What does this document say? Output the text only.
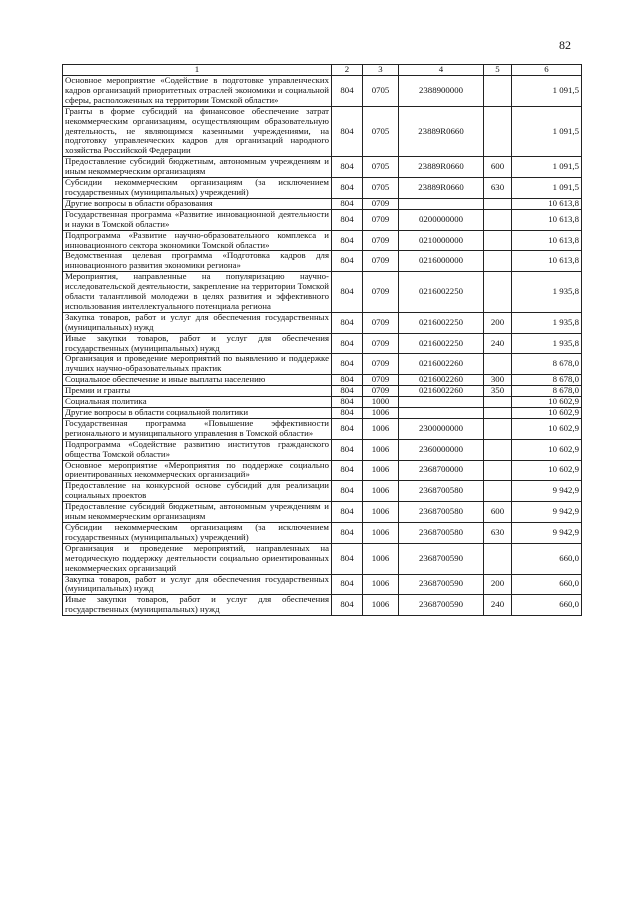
82
1	2	3	4	5	6
Основное мероприятие «Содействие в подготовке управленческих кадров организаций приоритетных отраслей экономики и социальной сферы, расположенных на территории Томской области»	804	0705	2388900000		1 091,5
Гранты в форме субсидий на финансовое обеспечение затрат некоммерческим организациям, осуществляющим образовательную деятельность, не являющимся казенными учреждениями, на подготовку управленческих кадров для организаций народного хозяйства Российской Федерации	804	0705	23889R0660		1 091,5
Предоставление субсидий бюджетным, автономным учреждениям и иным некоммерческим организациям	804	0705	23889R0660	600	1 091,5
Субсидии некоммерческим организациям (за исключением государственных (муниципальных) учреждений)	804	0705	23889R0660	630	1 091,5
Другие вопросы в области образования	804	0709			10 613,8
Государственная программа «Развитие инновационной деятельности и науки в Томской области»	804	0709	0200000000		10 613,8
Подпрограмма «Развитие научно-образовательного комплекса и инновационного сектора экономики Томской области»	804	0709	0210000000		10 613,8
Ведомственная целевая программа «Подготовка кадров для инновационного развития экономики региона»	804	0709	0216000000		10 613,8
Мероприятия, направленные на популяризацию научно-исследовательской деятельности, закрепление на территории Томской области талантливой молодежи в целях развития и эффективного использования интеллектуального потенциала региона	804	0709	0216002250		1 935,8
Закупка товаров, работ и услуг для обеспечения государственных (муниципальных) нужд	804	0709	0216002250	200	1 935,8
Иные закупки товаров, работ и услуг для обеспечения государственных (муниципальных) нужд	804	0709	0216002250	240	1 935,8
Организация и проведение мероприятий по выявлению и поддержке лучших научно-образовательных практик	804	0709	0216002260		8 678,0
Социальное обеспечение и иные выплаты населению	804	0709	0216002260	300	8 678,0
Премии и гранты	804	0709	0216002260	350	8 678,0
Социальная политика	804	1000			10 602,9
Другие вопросы в области социальной политики	804	1006			10 602,9
Государственная программа «Повышение эффективности регионального и муниципального управления в Томской области»	804	1006	2300000000		10 602,9
Подпрограмма «Содействие развитию институтов гражданского общества Томской области»	804	1006	2360000000		10 602,9
Основное мероприятие «Мероприятия по поддержке социально ориентированных некоммерческих организаций»	804	1006	2368700000		10 602,9
Предоставление на конкурсной основе субсидий для реализации социальных проектов	804	1006	2368700580		9 942,9
Предоставление субсидий бюджетным, автономным учреждениям и иным некоммерческим организациям	804	1006	2368700580	600	9 942,9
Субсидии некоммерческим организациям (за исключением государственных (муниципальных) учреждений)	804	1006	2368700580	630	9 942,9
Организация и проведение мероприятий, направленных на методическую поддержку деятельности социально ориентированных некоммерческих организаций	804	1006	2368700590		660,0
Закупка товаров, работ и услуг для обеспечения государственных (муниципальных) нужд	804	1006	2368700590	200	660,0
Иные закупки товаров, работ и услуг для обеспечения государственных (муниципальных) нужд	804	1006	2368700590	240	660,0
